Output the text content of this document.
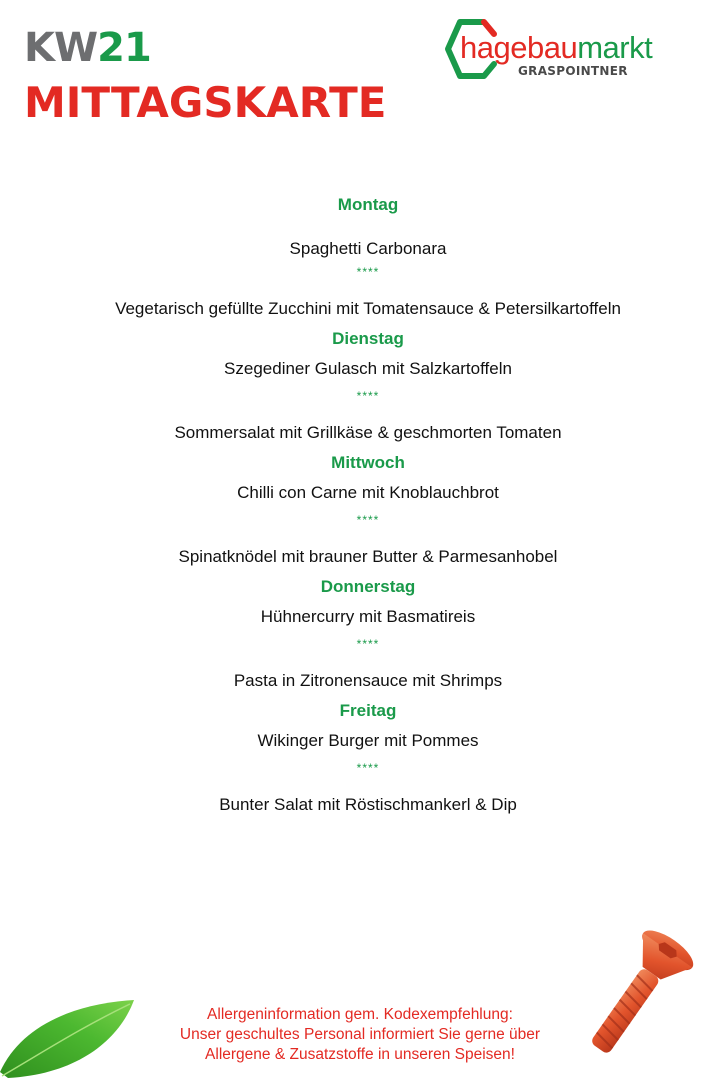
KW21
MITTAGSKARTE
hagebaumarkt
GRASPOINTNER
Montag
Spaghetti Carbonara
****
Vegetarisch gefüllte Zucchini mit Tomatensauce & Petersilkartoffeln
Dienstag
Szegediner Gulasch mit Salzkartoffeln
****
Sommersalat mit Grillkäse & geschmorten Tomaten
Mittwoch
Chilli con Carne mit Knoblauchbrot
****
Spinatknödel mit brauner Butter & Parmesanhobel
Donnerstag
Hühnercurry mit Basmatireis
****
Pasta in Zitronensauce mit Shrimps
Freitag
Wikinger Burger mit Pommes
****
Bunter Salat mit Röstischmankerl & Dip
Allergeninformation gem. Kodexempfehlung:
Unser geschultes Personal informiert Sie gerne über
Allergene & Zusatzstoffe in unseren Speisen!
